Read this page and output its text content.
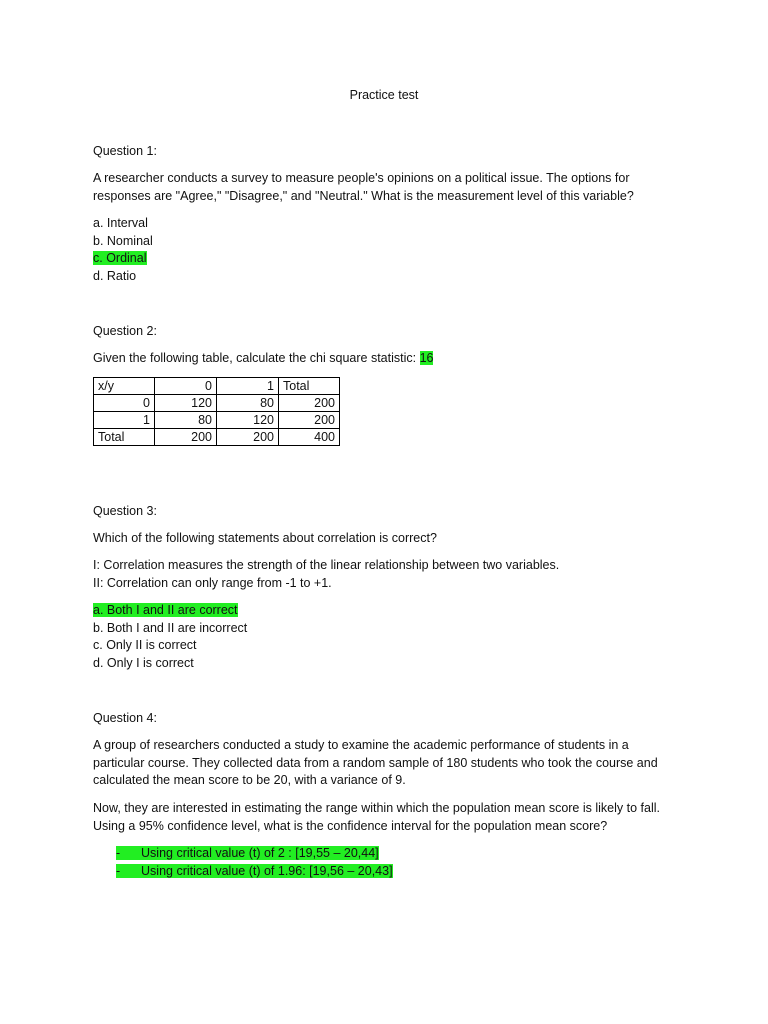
Practice test
Question 1:
A researcher conducts a survey to measure people's opinions on a political issue. The options for responses are "Agree," "Disagree," and "Neutral." What is the measurement level of this variable?

a. Interval

b. Nominal

c. Ordinal

d. Ratio

Question 2:
Given the following table, calculate the chi square statistic: 16
x/y	0	1	Total
0	120	80	200
1	80	120	200
Total	200	200	400
Question 3:
Which of the following statements about correlation is correct?

I: Correlation measures the strength of the linear relationship between two variables.

II: Correlation can only range from -1 to +1.

a. Both I and II are correct

b. Both I and II are incorrect

c. Only II is correct

d. Only I is correct

Question 4:
A group of researchers conducted a study to examine the academic performance of students in a particular course. They collected data from a random sample of 180 students who took the course and calculated the mean score to be 20, with a variance of 9.
Now, they are interested in estimating the range within which the population mean score is likely to fall. Using a 95% confidence level, what is the confidence interval for the population mean score?
- Using critical value (t) of 2 : [19,55 – 20,44]
- Using critical value (t) of 1.96: [19,56 – 20,43]
